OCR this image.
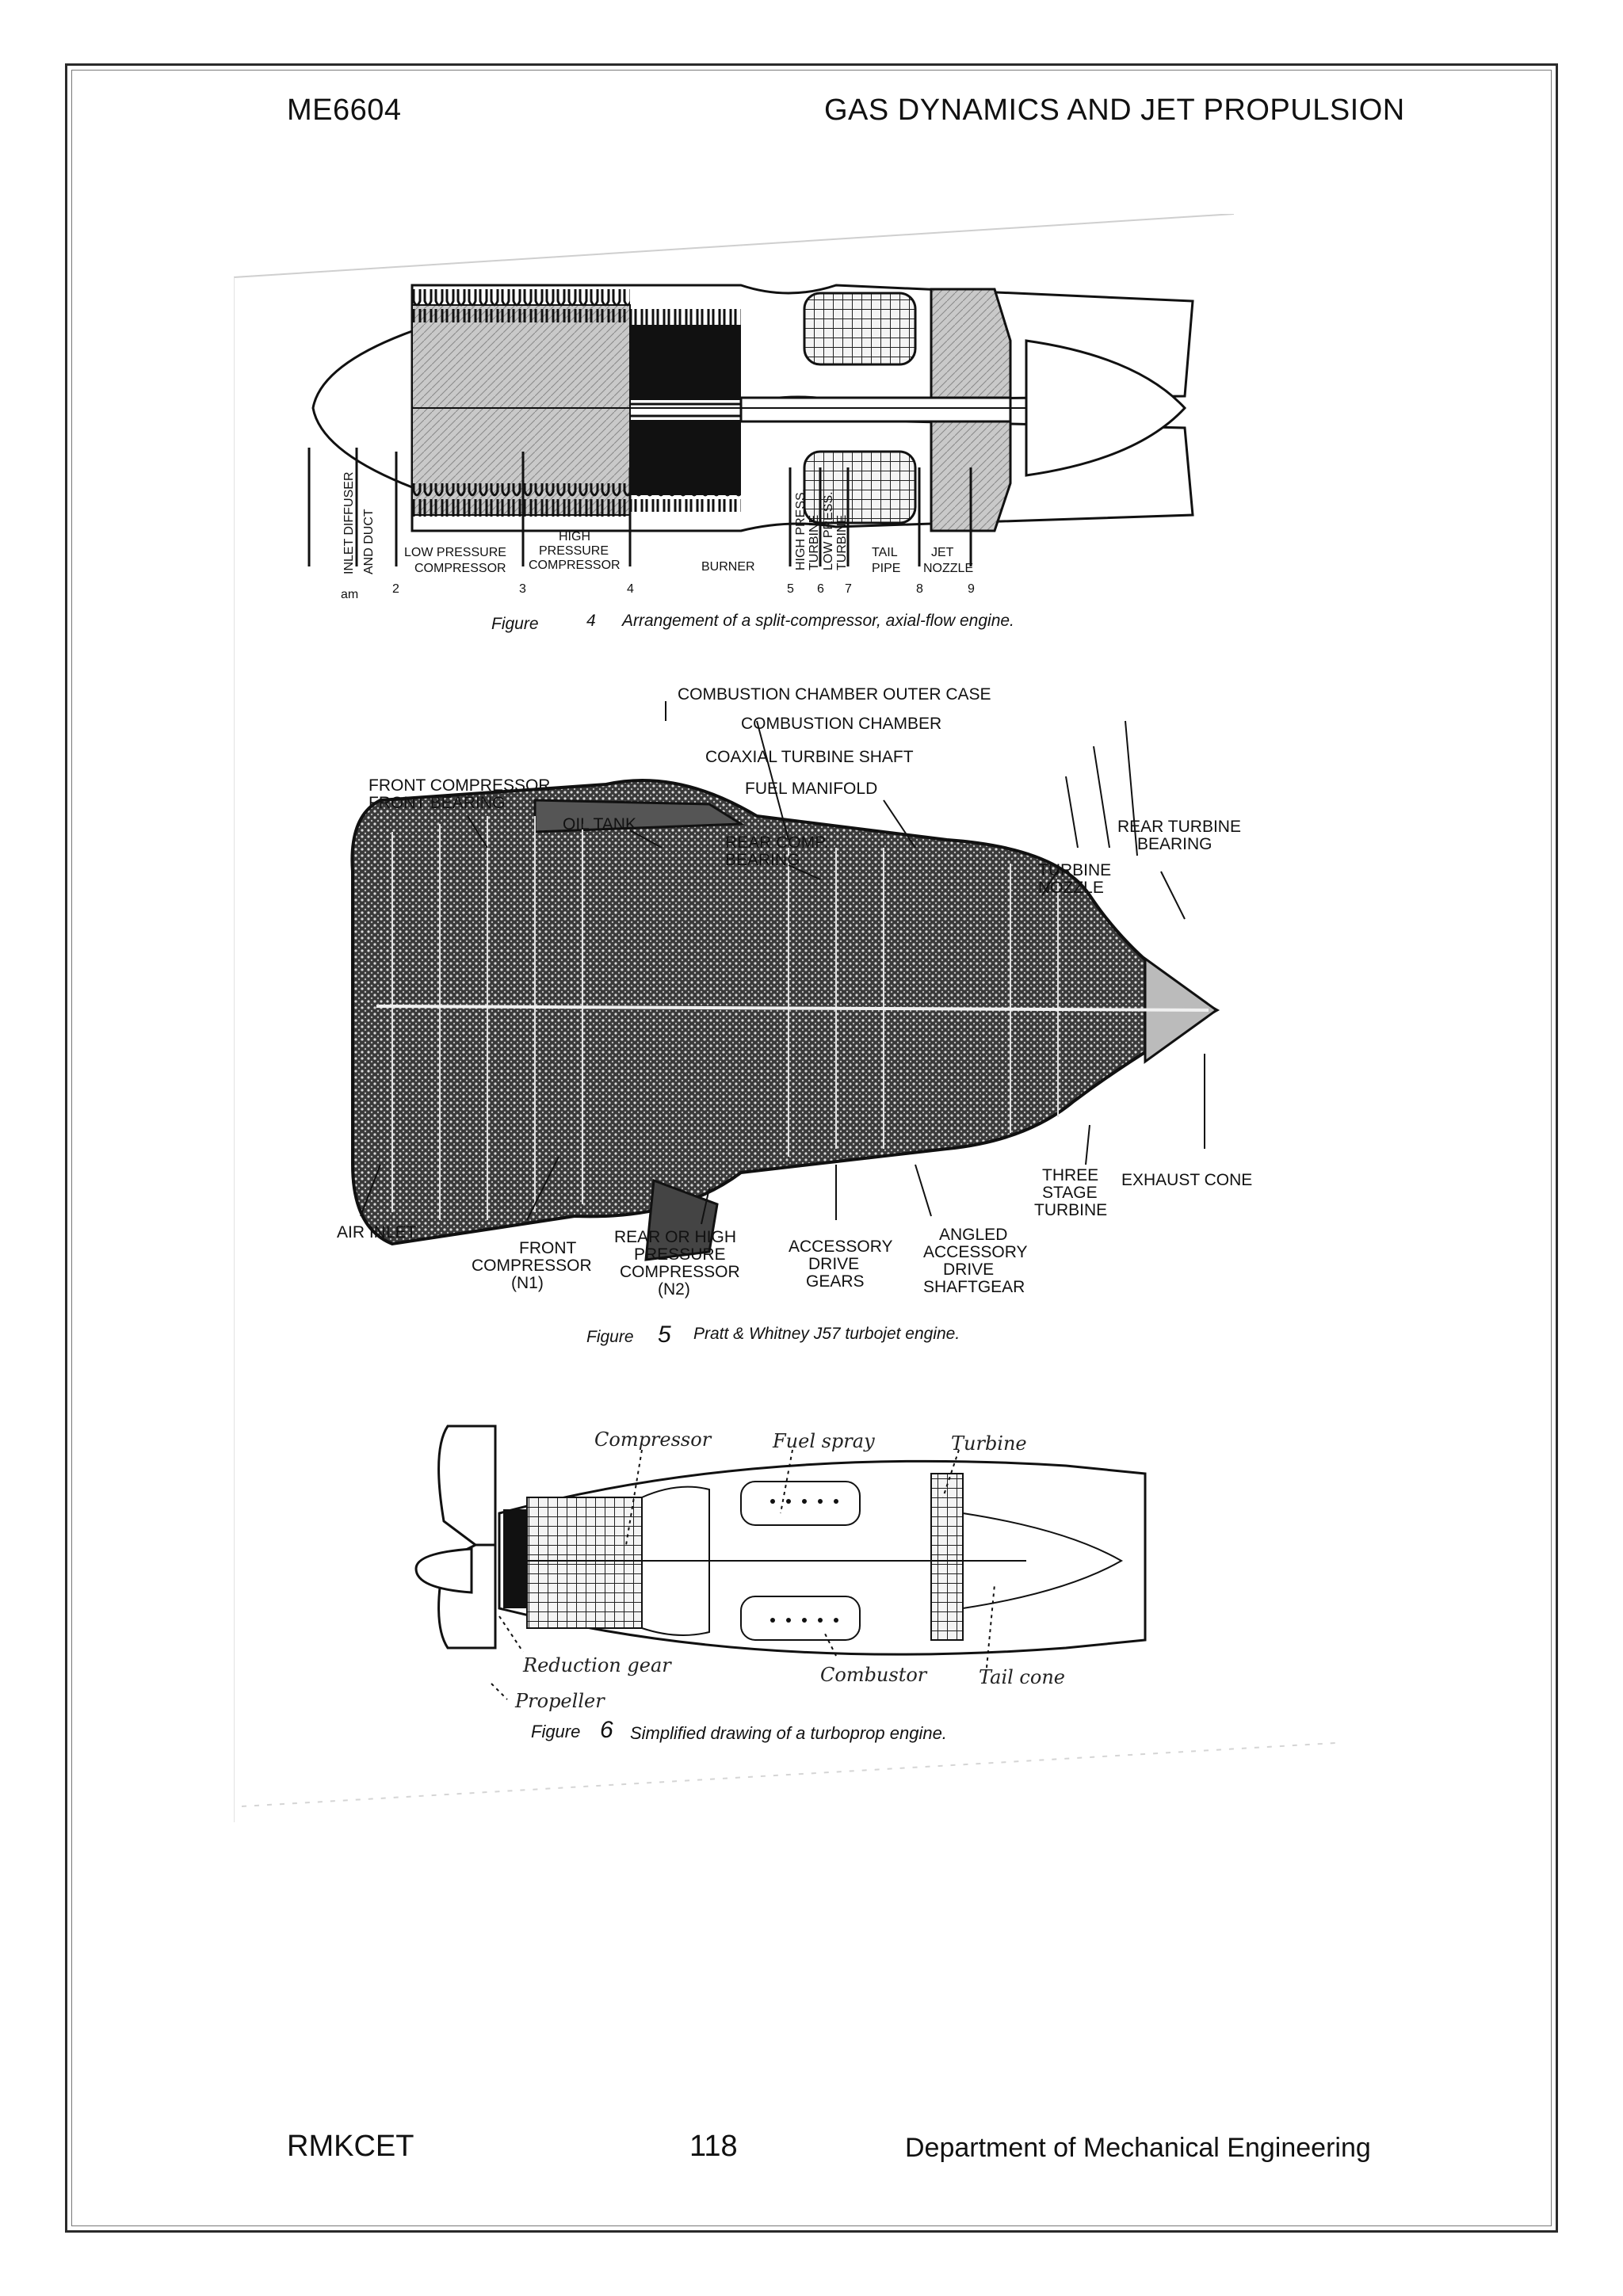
ME6604	GAS DYNAMICS AND JET PROPULSION
INLET DIFFUSER AND DUCT LOW PRESSURE
COMPRESSOR
HIGH
PRESSURE
COMPRESSOR	BURNER	HIGH PRESS. TURBINE LOW PRESS. TURBINE TAIL
PIPE
JET
NOZZLE
am	2	3	4	5 6 7	8	9
Figure	4 Arrangement of a split-compressor, axial-flow engine.
COMBUSTION CHAMBER OUTER CASE
COMBUSTION CHAMBER
COAXIAL TURBINE SHAFT
FUEL MANIFOLD
FRONT COMPRESSOR
FRONT BEARING
OIL TANK
REAR COMP.
BEARING
REAR TURBINE
BEARING
TURBINE
NOZZLE
AIR INLET
FRONT
COMPRESSOR
(N1)
REAR OR HIGH
PRESSURE
COMPRESSOR
(N2)
ACCESSORY
DRIVE
GEARS
ANGLED
ACCESSORY
DRIVE
SHAFTGEAR
THREE
STAGE
TURBINE
EXHAUST CONE
Figure 5 Pratt & Whitney J57 turbojet engine.
Compressor	Fuel spray	Turbine
Reduction gear
Propeller
Combustor	Tail cone
Figure 6 Simplified drawing of a turboprop engine.
RMKCET	118	Department of Mechanical Engineering
